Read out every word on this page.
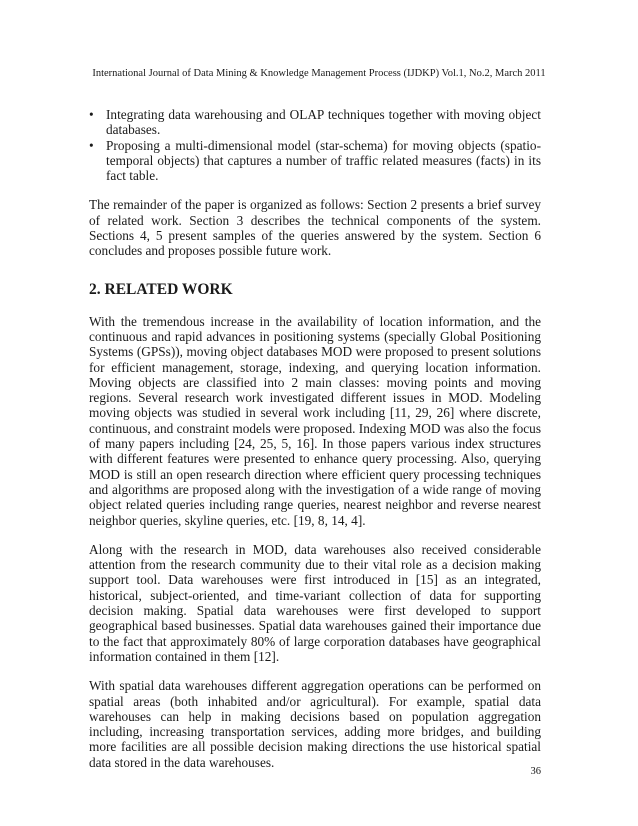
International Journal of Data Mining & Knowledge Management Process (IJDKP) Vol.1, No.2, March 2011
• Integrating data warehousing and OLAP techniques together with moving object databases.
• Proposing a multi-dimensional model (star-schema) for moving objects (spatio-temporal objects) that captures a number of traffic related measures (facts) in its fact table.

The remainder of the paper is organized as follows: Section 2 presents a brief survey of related work. Section 3 describes the technical components of the system. Sections 4, 5 present samples of the queries answered by the system. Section 6 concludes and proposes possible future work.

2. RELATED WORK

With the tremendous increase in the availability of location information, and the continuous and rapid advances in positioning systems (specially Global Positioning Systems (GPSs)), moving object databases MOD were proposed to present solutions for efficient management, storage, indexing, and querying location information. Moving objects are classified into 2 main classes: moving points and moving regions. Several research work investigated different issues in MOD. Modeling moving objects was studied in several work including [11, 29, 26] where discrete, continuous, and constraint models were proposed. Indexing MOD was also the focus of many papers including [24, 25, 5, 16]. In those papers various index structures with different features were presented to enhance query processing. Also, querying MOD is still an open research direction where efficient query processing techniques and algorithms are proposed along with the investigation of a wide range of moving object related queries including range queries, nearest neighbor and reverse nearest neighbor queries, skyline queries, etc. [19, 8, 14, 4].

Along with the research in MOD, data warehouses also received considerable attention from the research community due to their vital role as a decision making support tool. Data warehouses were first introduced in [15] as an integrated, historical, subject-oriented, and time-variant collection of data for supporting decision making. Spatial data warehouses were first developed to support geographical based businesses. Spatial data warehouses gained their importance due to the fact that approximately 80% of large corporation databases have geographical information contained in them [12].

With spatial data warehouses different aggregation operations can be performed on spatial areas (both inhabited and/or agricultural). For example, spatial data warehouses can help in making decisions based on population aggregation including, increasing transportation services, adding more bridges, and building more facilities are all possible decision making directions the use historical spatial data stored in the data warehouses.

36
